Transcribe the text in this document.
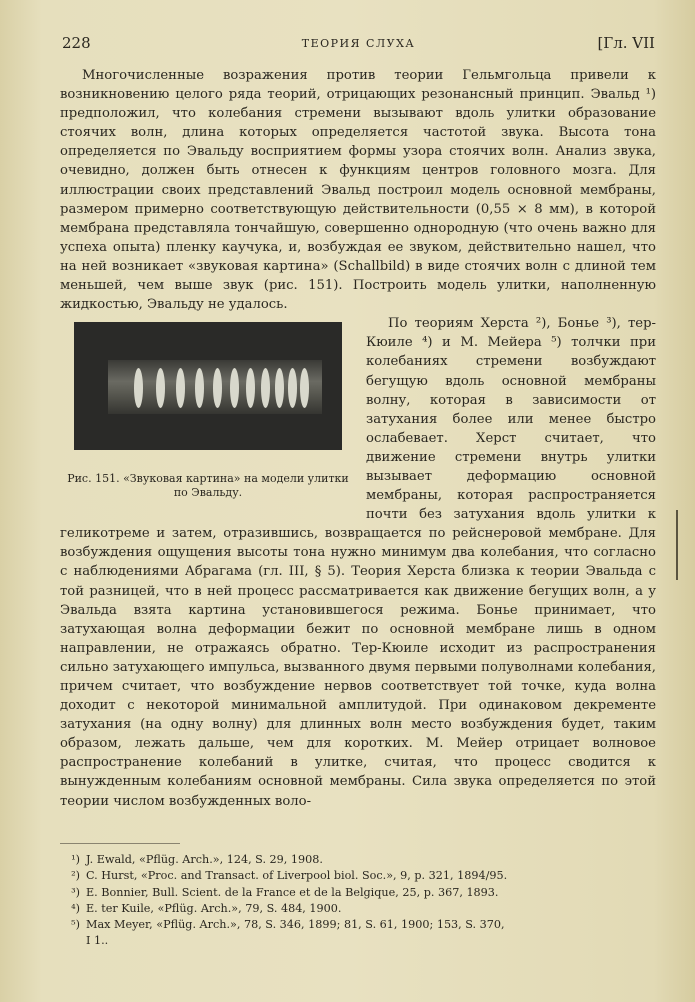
228	ТЕОРИЯ СЛУХА	[Гл. VII

Многочисленные возражения против теории Гельмгольца привели к возникновению целого ряда теорий, отрицающих резонансный принцип. Эвальд ¹) предположил, что колебания стремени вызывают вдоль улитки образование стоячих волн, длина которых определяется частотой звука. Высота тона определяется по Эвальду восприятием формы узора стоячих волн. Анализ звука, очевидно, должен быть отнесен к функциям центров головного мозга. Для иллюстрации своих представлений Эвальд построил модель основной мембраны, размером примерно соответствующую действительности (0,55 × 8 мм), в которой мембрана представляла тончайшую, совершенно однородную (что очень важно для успеха опыта) пленку каучука, и, возбуждая ее звуком, действительно нашел, что на ней возникает «звуковая картина» (Schallbild) в виде стоячих волн с длиной тем меньшей, чем выше звук (рис. 151). Построить модель улитки, наполненную жидкостью, Эвальду не удалось.

Рис. 151. «Звуковая картина» на модели улитки по Эвальду.

По теориям Херста ²), Боньe ³), тер-Кюиле ⁴) и М. Мейера ⁵) толчки при колебаниях стремени возбуждают бегущую вдоль основной мембраны волну, которая в зависимости от затухания более или менее быстро ослабевает. Херст считает, что движение стремени внутрь улитки вызывает деформацию основной мембраны, которая распространяется почти без затухания вдоль улитки к геликотреме и затем, отразившись, возвращается по рейснеровой мембране. Для возбуждения ощущения высоты тона нужно минимум два колебания, что согласно с наблюдениями Абрагама (гл. III, § 5). Теория Херста близка к теории Эвальда с той разницей, что в ней процесс рассматривается как движение бегущих волн, а у Эвальда взята картина установившегося режима. Боньe принимает, что затухающая волна деформации бежит по основной мембране лишь в одном направлении, не отражаясь обратно. Тер-Кюиле исходит из распространения сильно затухающего импульса, вызванного двумя первыми полуволнами колебания, причем считает, что возбуждение нервов соответствует той точке, куда волна доходит с некоторой минимальной амплитудой. При одинаковом декременте затухания (на одну волну) для длинных волн место возбуждения будет, таким образом, лежать дальше, чем для коротких. М. Мейер отрицает волновое распространение колебаний в улитке, считая, что процесс сводится к вынужденным колебаниям основной мембраны. Сила звука определяется по этой теории числом возбужденных воло-

¹) J. Ewald, «Pflüg. Arch.», 124, S. 29, 1908.
²) C. Hurst, «Proc. and Transact. of Liverpool biol. Soc.», 9, p. 321, 1894/95.
³) E. Bonnier, Bull. Scient. de la France et de la Belgique, 25, p. 367, 1893.
⁴) E. ter Kuile, «Pflüg. Arch.», 79, S. 484, 1900.
⁵) Max Meyer, «Pflüg. Arch.», 78, S. 346, 1899; 81, S. 61, 1900; 153, S. 370,
I 1..
